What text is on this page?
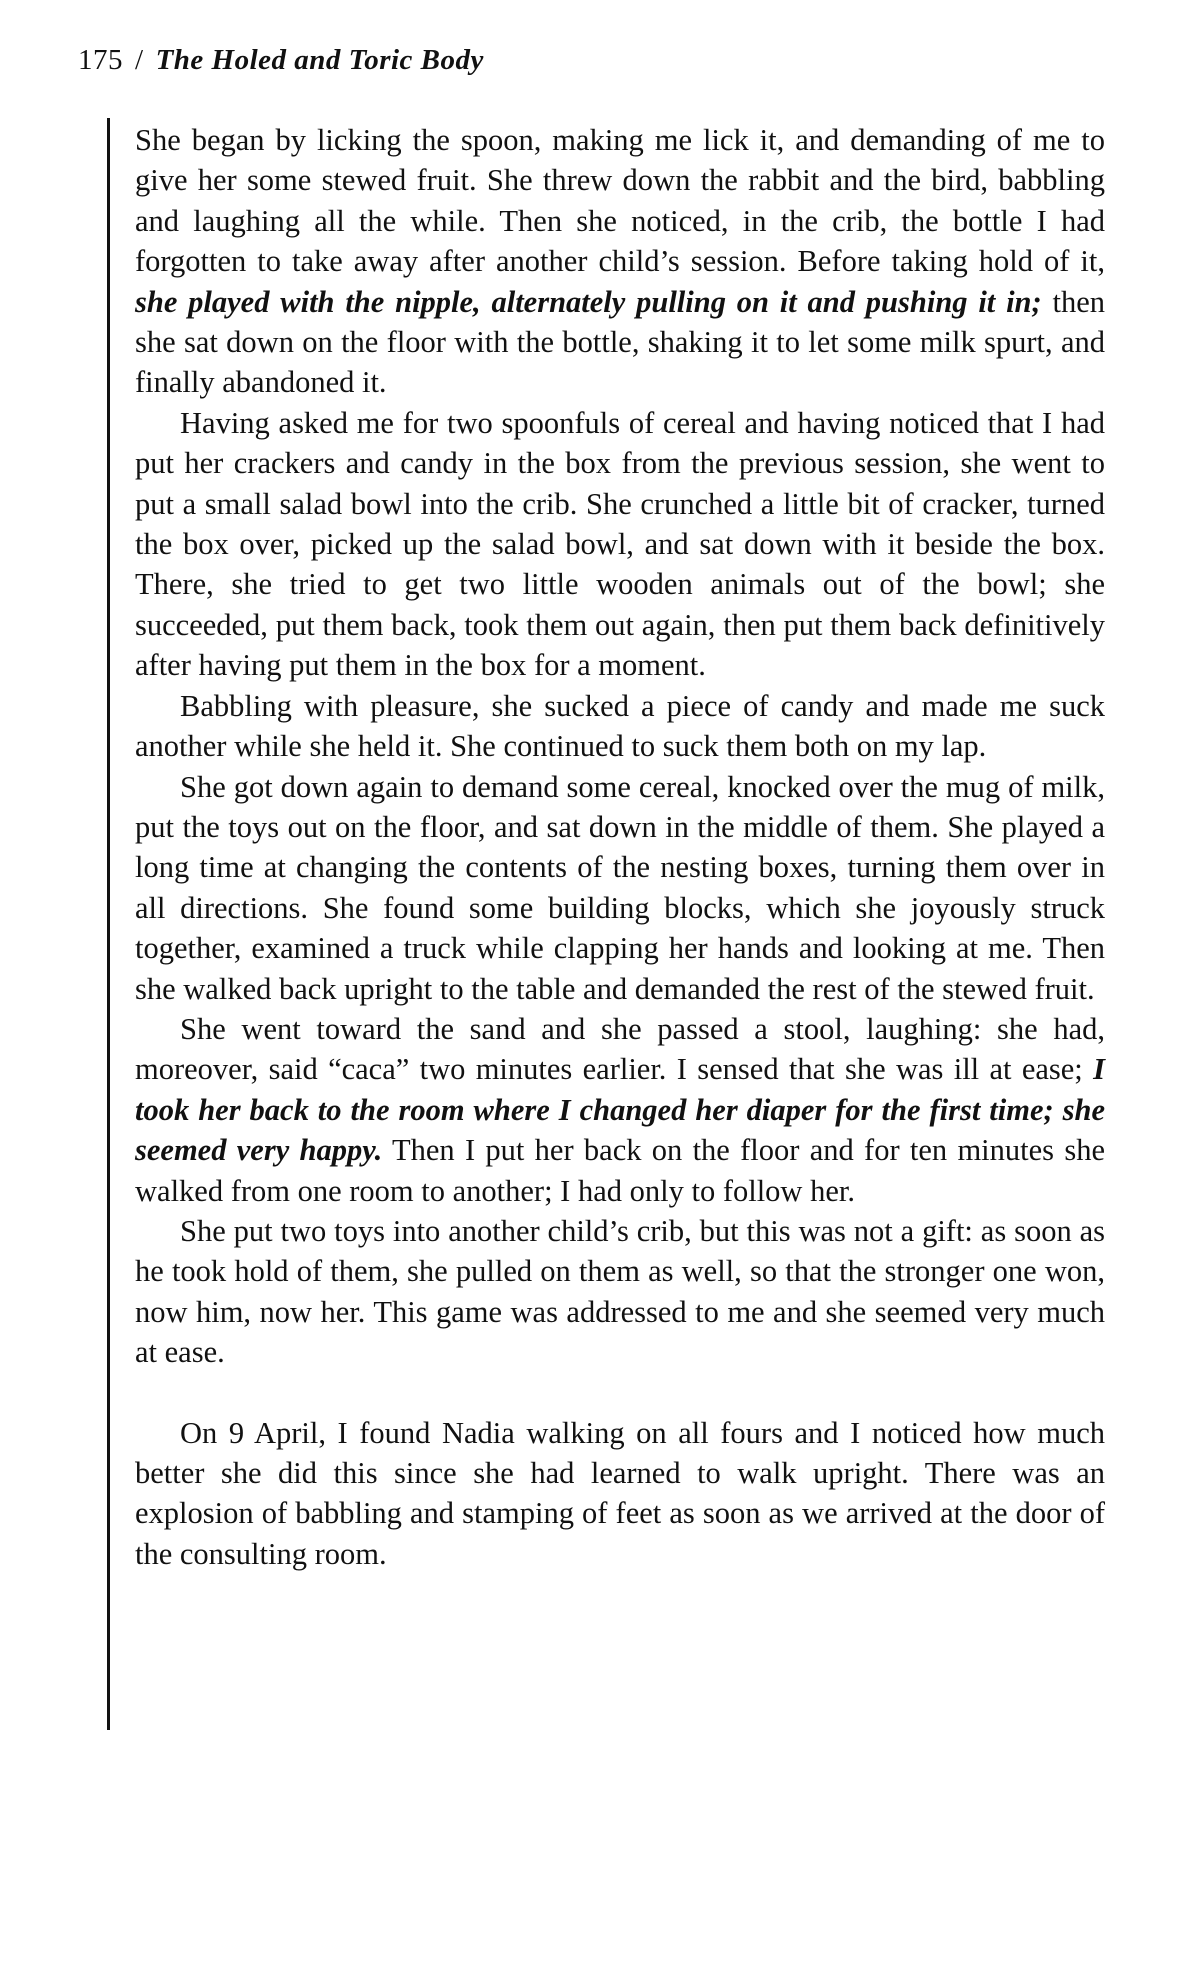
175 / The Holed and Toric Body

She began by licking the spoon, making me lick it, and demanding of me to give her some stewed fruit. She threw down the rabbit and the bird, babbling and laughing all the while. Then she noticed, in the crib, the bottle I had forgotten to take away after another child’s session. Before taking hold of it, she played with the nipple, alternately pulling on it and pushing it in; then she sat down on the floor with the bottle, shaking it to let some milk spurt, and finally abandoned it.

Having asked me for two spoonfuls of cereal and having noticed that I had put her crackers and candy in the box from the previous session, she went to put a small salad bowl into the crib. She crunched a little bit of cracker, turned the box over, picked up the salad bowl, and sat down with it beside the box. There, she tried to get two little wooden animals out of the bowl; she succeeded, put them back, took them out again, then put them back definitively after having put them in the box for a moment.

Babbling with pleasure, she sucked a piece of candy and made me suck another while she held it. She continued to suck them both on my lap.

She got down again to demand some cereal, knocked over the mug of milk, put the toys out on the floor, and sat down in the middle of them. She played a long time at changing the contents of the nesting boxes, turning them over in all directions. She found some building blocks, which she joyously struck together, examined a truck while clapping her hands and looking at me. Then she walked back upright to the table and demanded the rest of the stewed fruit.

She went toward the sand and she passed a stool, laughing: she had, moreover, said “caca” two minutes earlier. I sensed that she was ill at ease; I took her back to the room where I changed her diaper for the first time; she seemed very happy. Then I put her back on the floor and for ten minutes she walked from one room to another; I had only to follow her.

She put two toys into another child’s crib, but this was not a gift: as soon as he took hold of them, she pulled on them as well, so that the stronger one won, now him, now her. This game was addressed to me and she seemed very much at ease.

On 9 April, I found Nadia walking on all fours and I noticed how much better she did this since she had learned to walk upright. There was an explosion of babbling and stamping of feet as soon as we arrived at the door of the consulting room.
